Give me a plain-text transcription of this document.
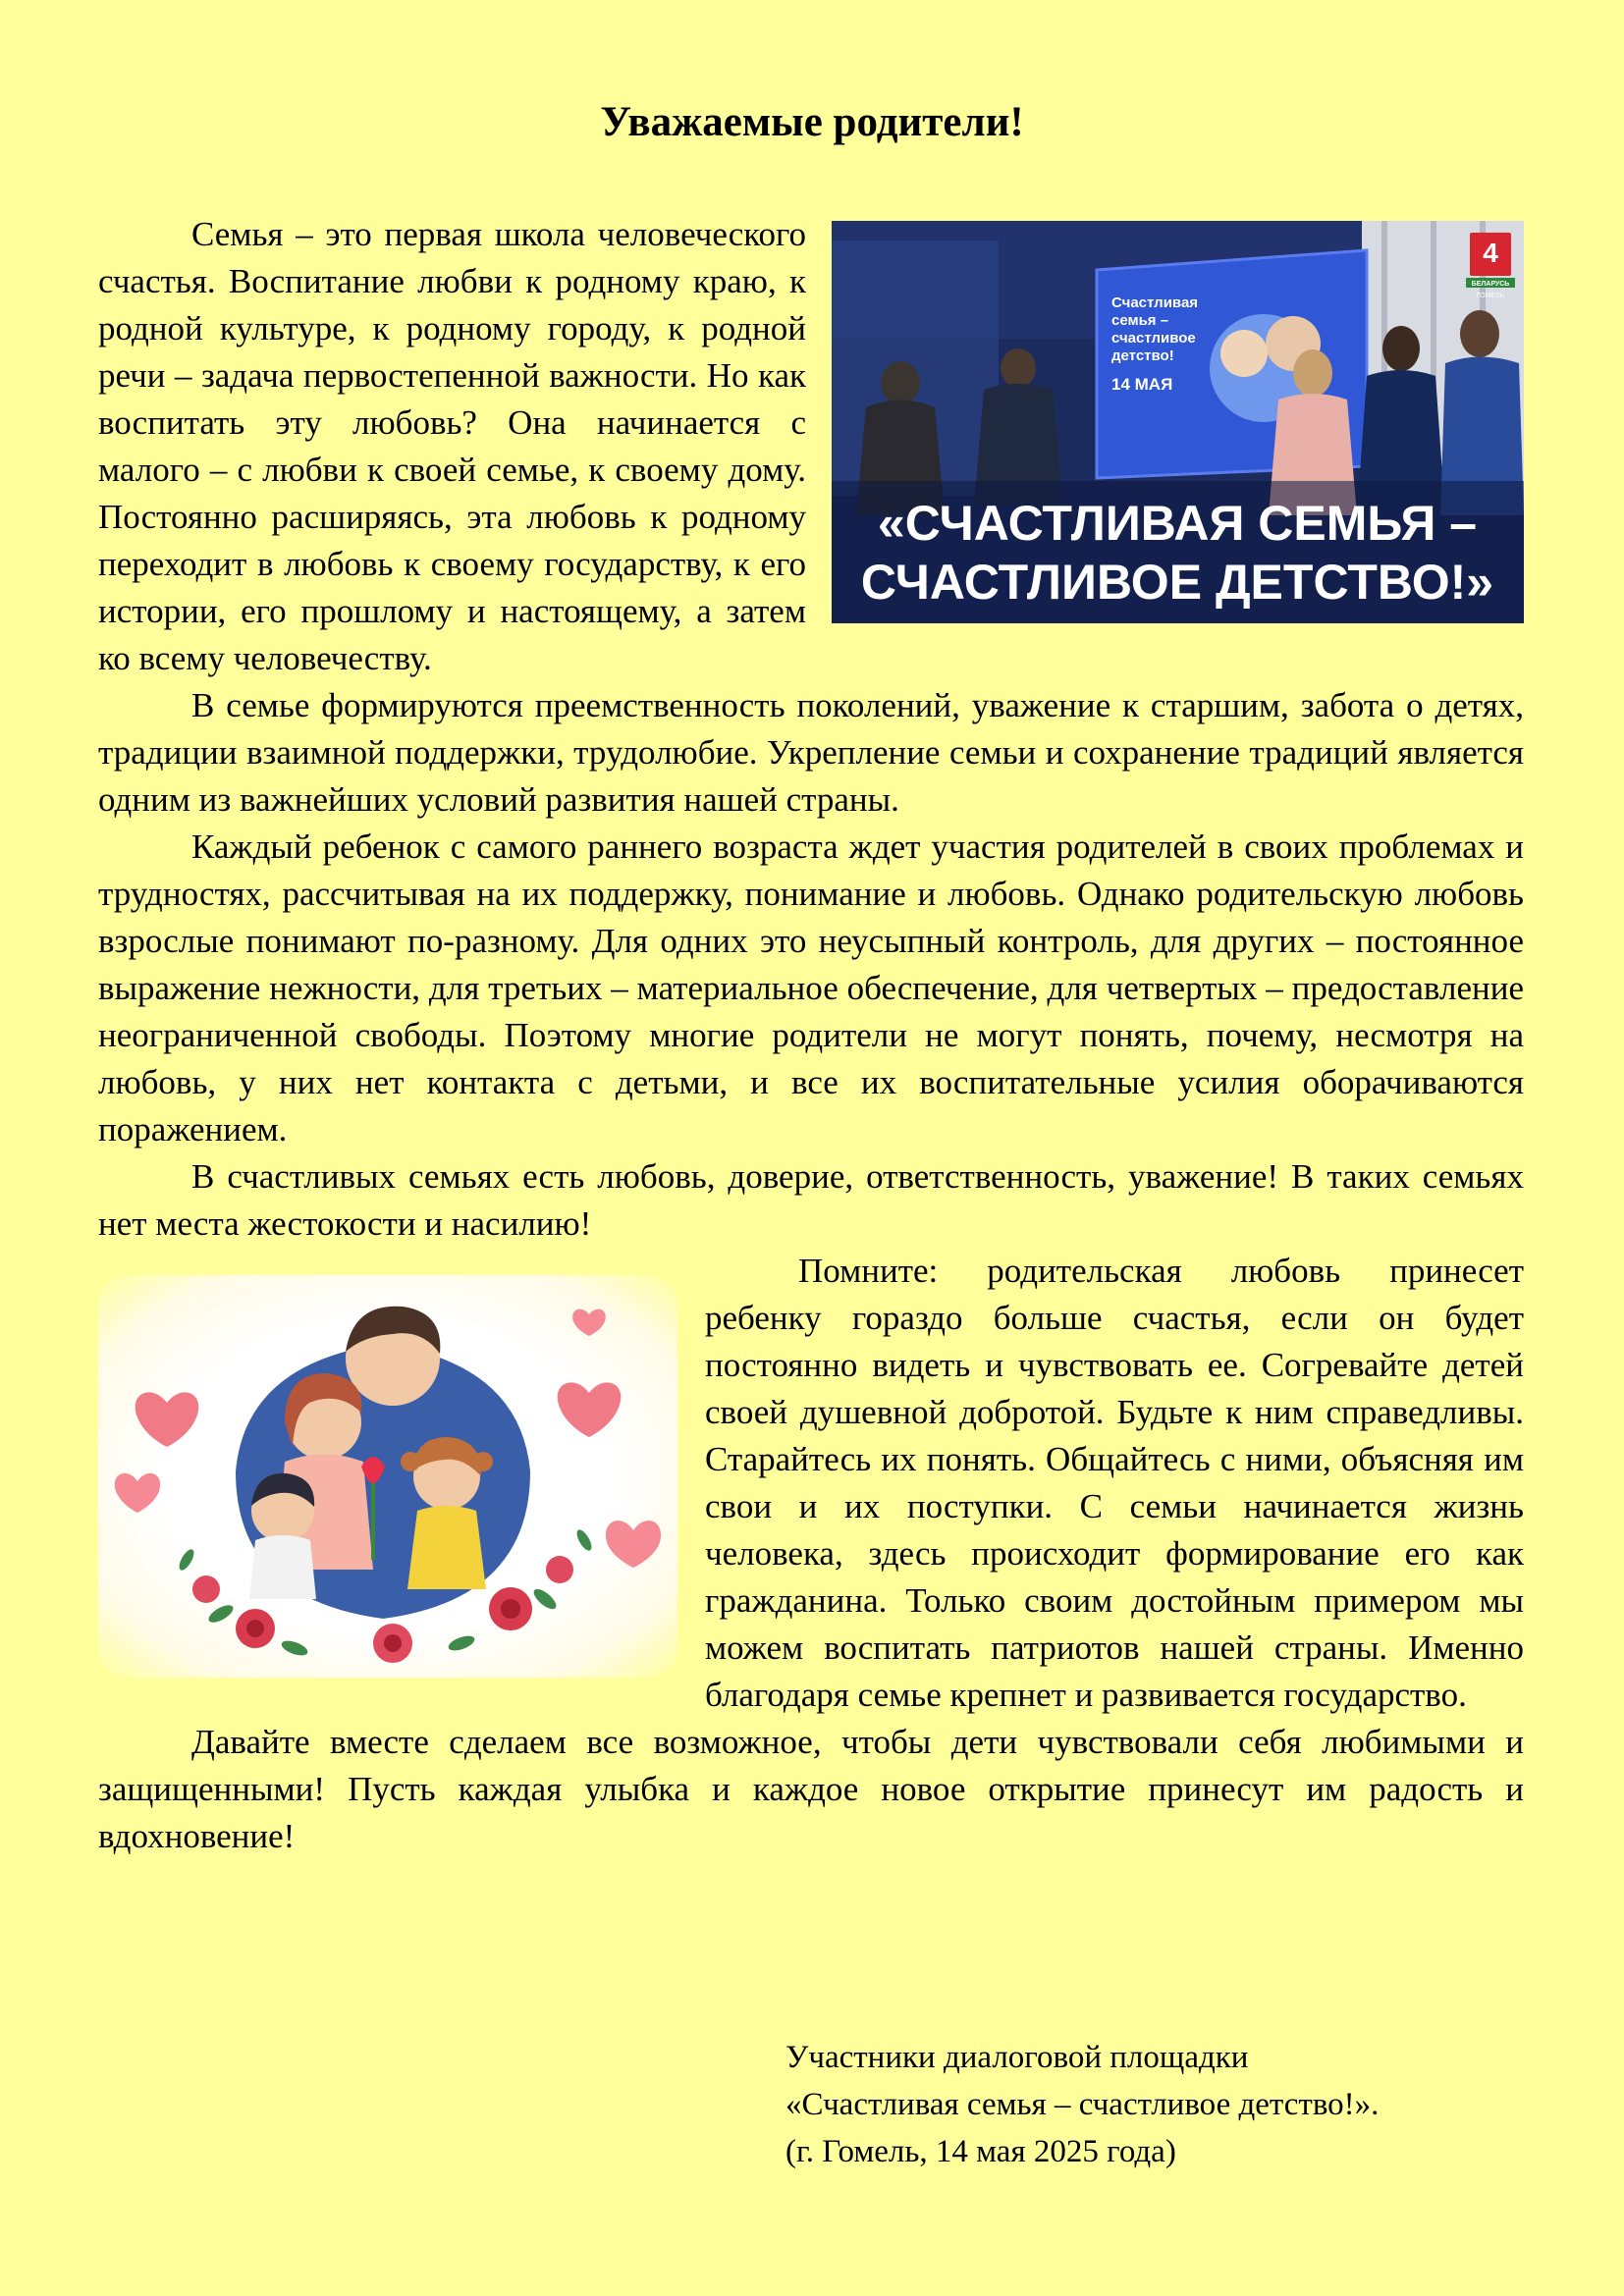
Уважаемые родители!
Счастливая
семья –
счастливое
детство!
14 МАЯ
4
БЕЛАРУСЬ
ГОМЕЛЬ
«СЧАСТЛИВАЯ СЕМЬЯ –
СЧАСТЛИВОЕ ДЕТСТВО!»

Семья – это первая школа человеческого счастья. Воспитание любви к родному краю, к родной культуре, к родному городу, к родной речи – задача первостепенной важности. Но как воспитать эту любовь? Она начинается с малого – с любви к своей семье, к своему дому. Постоянно расширяясь, эта любовь к родному переходит в любовь к своему государству, к его истории, его прошлому и настоящему, а затем ко всему человечеству.

В семье формируются преемственность поколений, уважение к старшим, забота о детях, традиции взаимной поддержки, трудолюбие. Укрепление семьи и сохранение традиций является одним из важнейших условий развития нашей страны.

Каждый ребенок с самого раннего возраста ждет участия родителей в своих проблемах и трудностях, рассчитывая на их поддержку, понимание и любовь. Однако родительскую любовь взрослые понимают по-разному. Для одних это неусыпный контроль, для других – постоянное выражение нежности, для третьих – материальное обеспечение, для четвертых – предоставление неограниченной свободы. Поэтому многие родители не могут понять, почему, несмотря на любовь, у них нет контакта с детьми, и все их воспитательные усилия оборачиваются поражением.

В счастливых семьях есть любовь, доверие, ответственность, уважение! В таких семьях нет места жестокости и насилию!

Помните: родительская любовь принесет ребенку гораздо больше счастья, если он будет постоянно видеть и чувствовать ее. Согревайте детей своей душевной добротой. Будьте к ним справедливы. Старайтесь их понять. Общайтесь с ними, объясняя им свои и их поступки. С семьи начинается жизнь человека, здесь происходит формирование его как гражданина. Только своим достойным примером мы можем воспитать патриотов нашей страны. Именно благодаря семье крепнет и развивается государство.

Давайте вместе сделаем все возможное, чтобы дети чувствовали себя любимыми и защищенными! Пусть каждая улыбка и каждое новое открытие принесут им радость и вдохновение!

Участники диалоговой площадки
«Счастливая семья – счастливое детство!».
(г. Гомель, 14 мая 2025 года)
